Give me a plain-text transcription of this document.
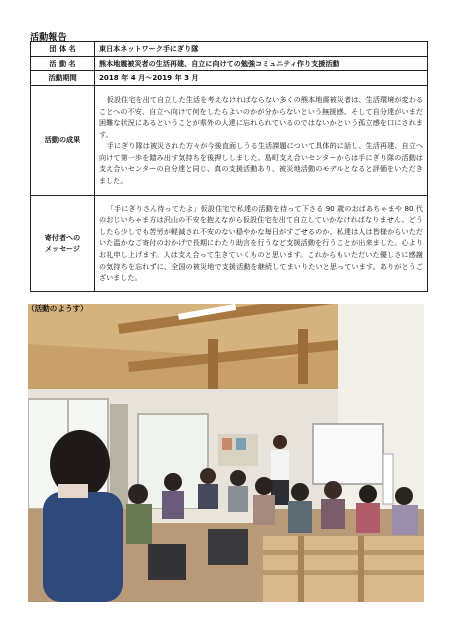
活動報告
団 体 名	東日本ネットワーク手にぎり隊
活 動 名	熊本地震被災者の生活再建、自立に向けての勉強コミュニティ作り支援活動
活動期間	2018 年 4 月～2019 年 3 月
活動の成果	仮設住宅を出て自立した生活を考えなければならない多くの熊本地震被災者は、生活環境が変わることへの不安、自立へ向けて何をしたらよいのかが分からないという無援感、そして自分達がいまだ困難な状況にあるということが県外の人達に忘れられているのではないかという孤立感を口にされます。
手にぎり隊は被災された方々が今後直面しうる生活課題について具体的に話し、生活再建、自立へ向けて第一歩を踏み出す気持ちを後押ししました。島町支え合いセンターからは手にぎり隊の活動は支え合いセンターの自分達と同じ、真の支援活動あり、被災地活動のモデルとなると評価をいただきました。

寄付者への
メッセージ	「手にぎりさん待ってたよ」仮設住宅で私達の活動を待って下さる 90 歳のおばあちゃまや 80 代のおじいちゃま方は沢山の不安を抱えながら仮設住宅を出て自立していかなければなりません。どうしたら少しでも苦労が軽減され不安のない穏やかな毎日がすごせるのか、私達は人は皆様からいただいた温かなご寄付のおかげで長期にわたり助言を行うなど支援活動を行うことが出来ました。心よりお礼申し上げます。人は支え合って生きていくものと思います。これからもいただいた優しさに感謝の気持ちを忘れずに、全国の被災地で支援活動を継続してまいりたいと思っています。ありがとうございました。
（活動のようす）
